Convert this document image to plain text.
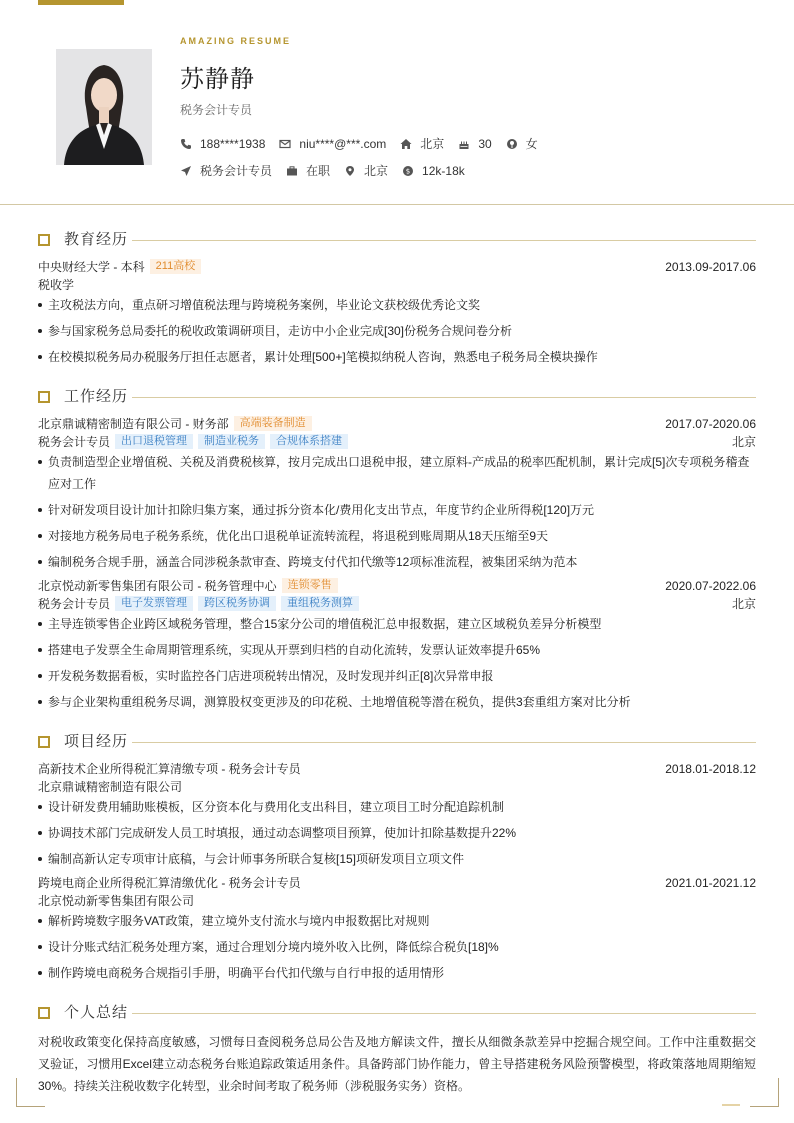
AMAZING RESUME
苏静静
税务会计专员
188****1938	niu****@***.com	北京	30	女
税务会计专员	在职	北京	$ 12k-18k
教育经历
中央财经大学 - 本科 211高校	2013.09-2017.06
税收学
主攻税法方向，重点研习增值税法理与跨境税务案例，毕业论文获校级优秀论文奖
参与国家税务总局委托的税收政策调研项目，走访中小企业完成[30]份税务合规问卷分析
在校模拟税务局办税服务厅担任志愿者，累计处理[500+]笔模拟纳税人咨询，熟悉电子税务局全模块操作
工作经历
北京鼎诚精密制造有限公司 - 财务部 高端装备制造	2017.07-2020.06
税务会计专员 出口退税管理 制造业税务 合规体系搭建	北京
负责制造型企业增值税、关税及消费税核算，按月完成出口退税申报，建立原料-产成品的税率匹配机制，累计完成[5]次专项税务稽查应对工作
针对研发项目设计加计扣除归集方案，通过拆分资本化/费用化支出节点，年度节约企业所得税[120]万元
对接地方税务局电子税务系统，优化出口退税单证流转流程，将退税到账周期从18天压缩至9天
编制税务合规手册，涵盖合同涉税条款审查、跨境支付代扣代缴等12项标准流程，被集团采纳为范本
北京悦动新零售集团有限公司 - 税务管理中心 连锁零售	2020.07-2022.06
税务会计专员 电子发票管理 跨区税务协调 重组税务测算	北京
主导连锁零售企业跨区域税务管理，整合15家分公司的增值税汇总申报数据，建立区域税负差异分析模型
搭建电子发票全生命周期管理系统，实现从开票到归档的自动化流转，发票认证效率提升65%
开发税务数据看板，实时监控各门店进项税转出情况，及时发现并纠正[8]次异常申报
参与企业架构重组税务尽调，测算股权变更涉及的印花税、土地增值税等潜在税负，提供3套重组方案对比分析
项目经历
高新技术企业所得税汇算清缴专项 - 税务会计专员	2018.01-2018.12
北京鼎诚精密制造有限公司
设计研发费用辅助账模板，区分资本化与费用化支出科目，建立项目工时分配追踪机制
协调技术部门完成研发人员工时填报，通过动态调整项目预算，使加计扣除基数提升22%
编制高新认定专项审计底稿，与会计师事务所联合复核[15]项研发项目立项文件
跨境电商企业所得税汇算清缴优化 - 税务会计专员	2021.01-2021.12
北京悦动新零售集团有限公司
解析跨境数字服务VAT政策，建立境外支付流水与境内申报数据比对规则
设计分账式结汇税务处理方案，通过合理划分境内境外收入比例，降低综合税负[18]%
制作跨境电商税务合规指引手册，明确平台代扣代缴与自行申报的适用情形
个人总结
对税收政策变化保持高度敏感，习惯每日查阅税务总局公告及地方解读文件，擅长从细微条款差异中挖掘合规空间。工作中注重数据交叉验证，习惯用Excel建立动态税务台账追踪政策适用条件。具备跨部门协作能力，曾主导搭建税务风险预警模型，将政策落地周期缩短30%。持续关注税收数字化转型，业余时间考取了税务师（涉税服务实务）资格。
